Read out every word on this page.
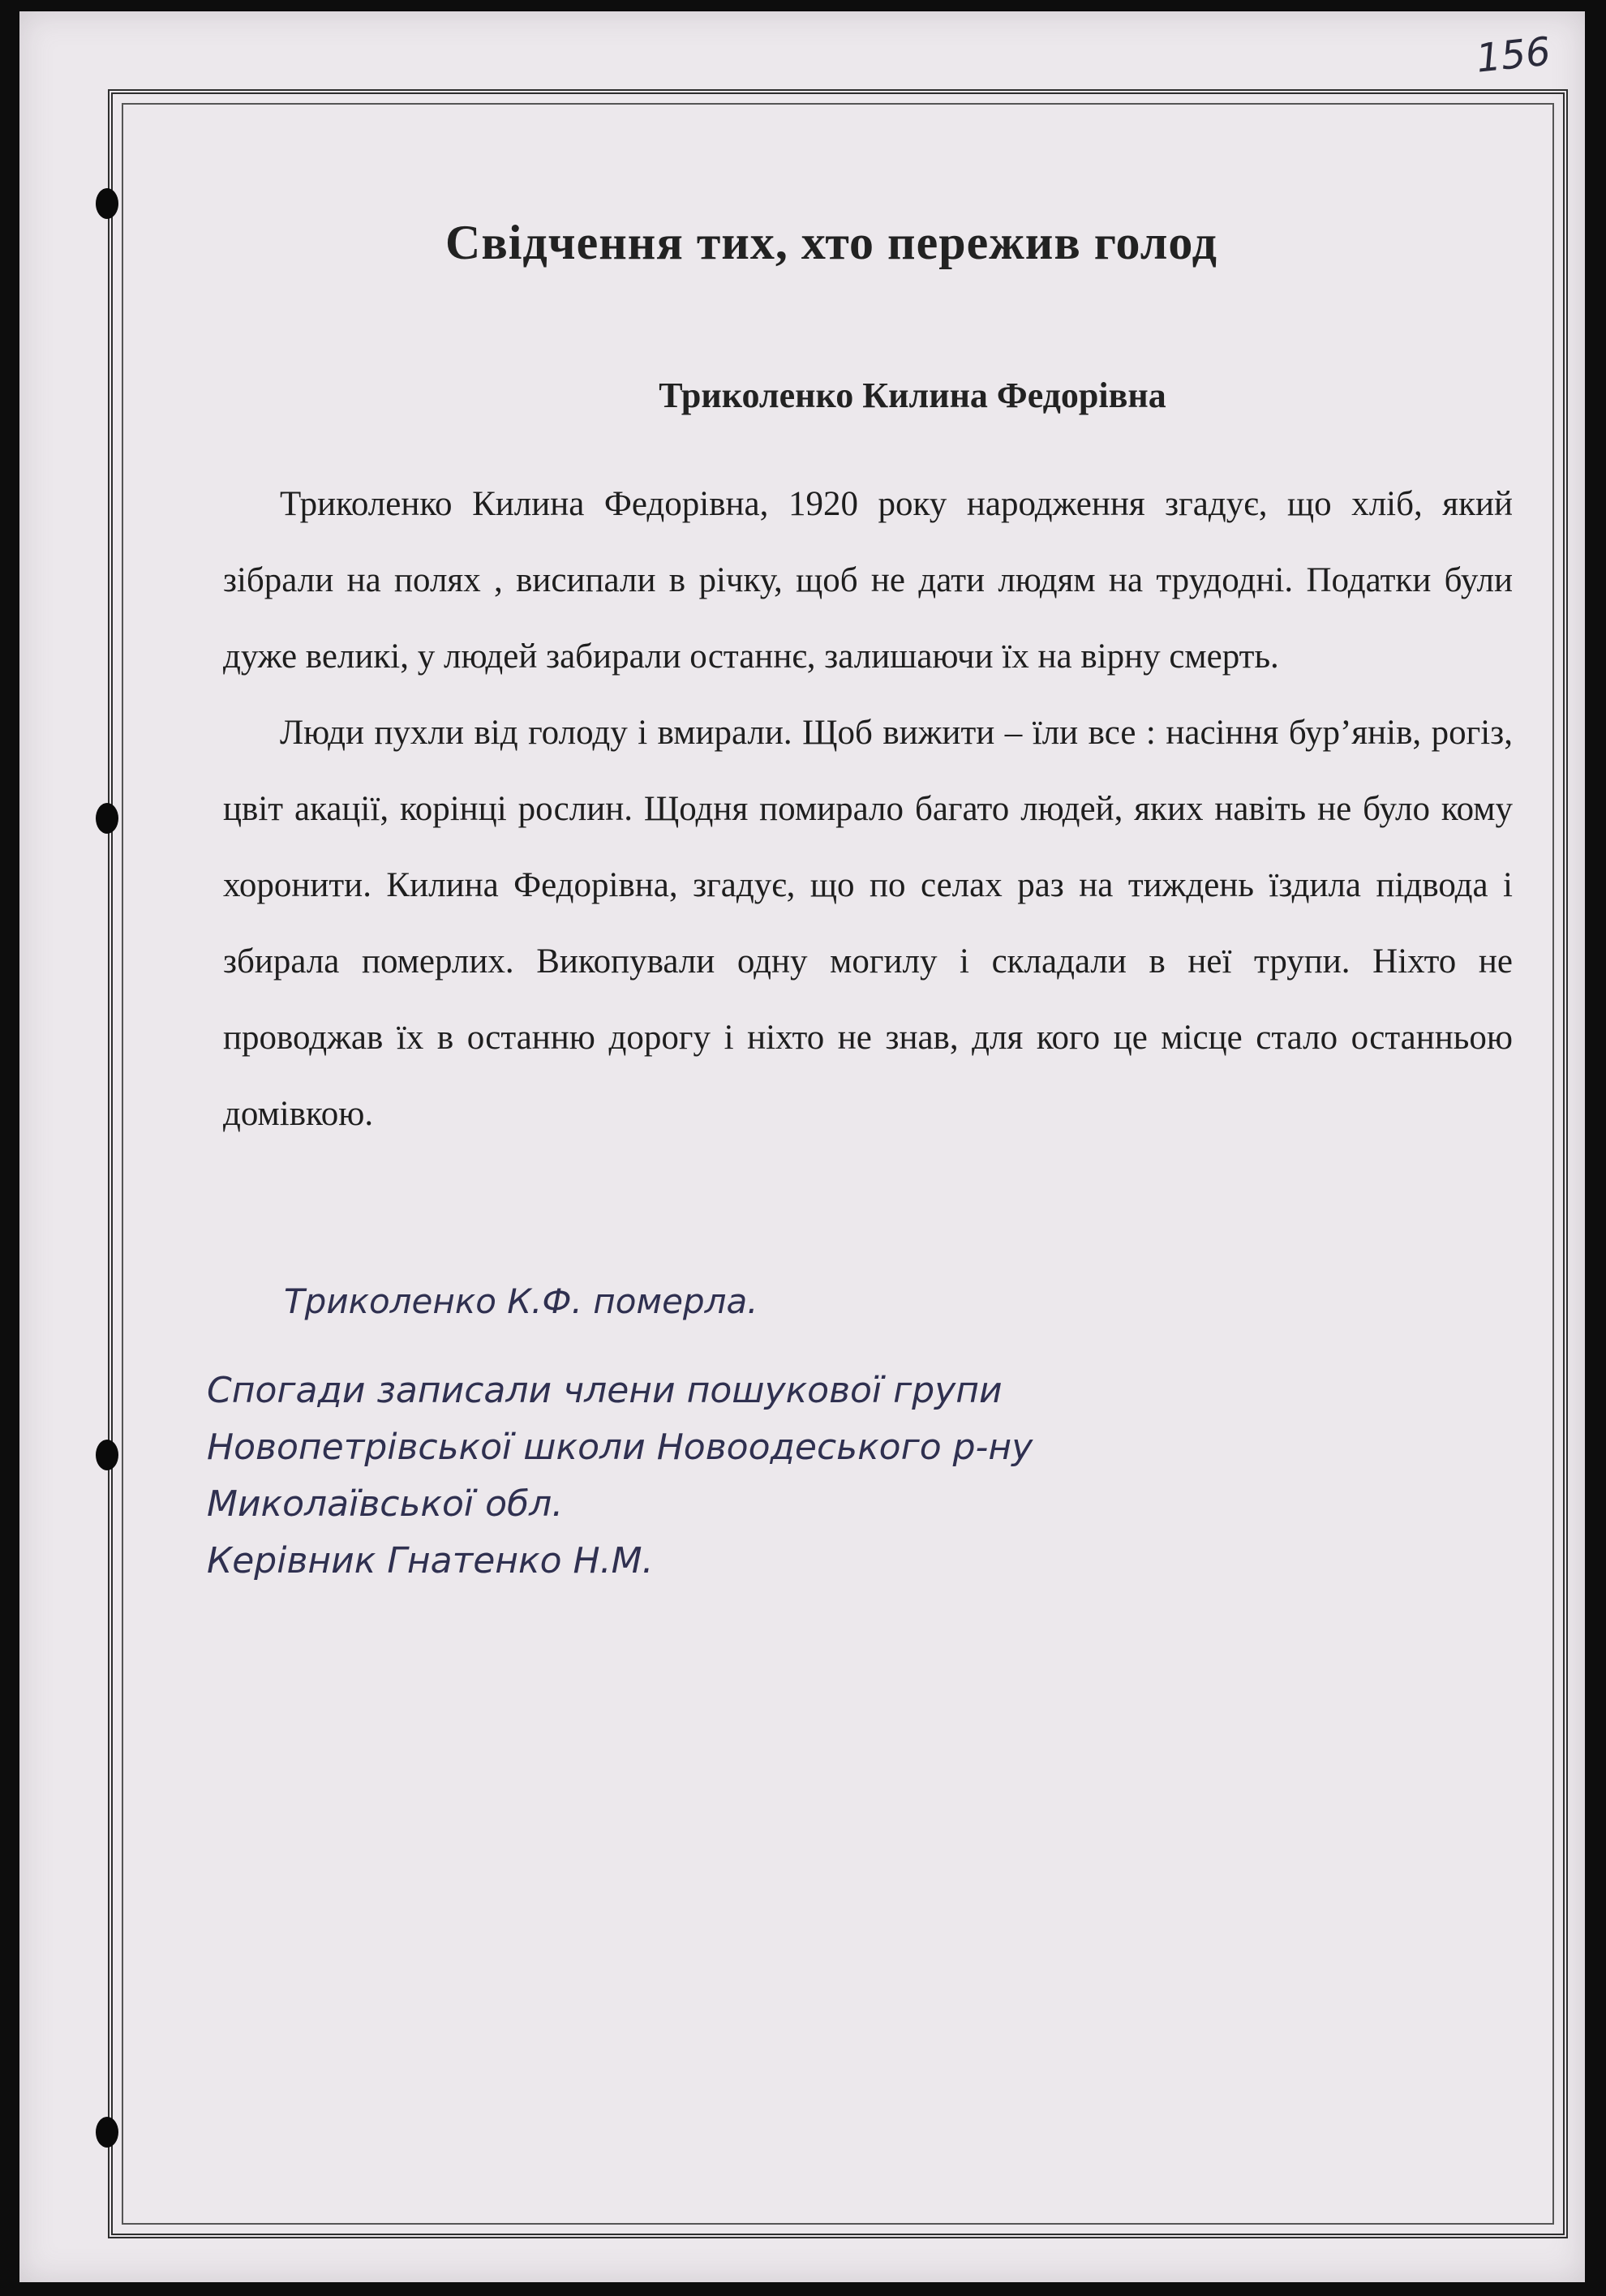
156
Свідчення тих, хто пережив голод
Триколенко Килина Федорівна

Триколенко Килина Федорівна, 1920 року народження згадує, що хліб, який зібрали на полях , висипали в річку, щоб не дати людям на трудодні. Податки були дуже великі, у людей забирали останнє, залишаючи їх на вірну смерть.

Люди пухли від голоду і вмирали. Щоб вижити – їли все : насіння бур’янів, рогіз, цвіт акації, корінці рослин. Щодня помирало багато людей, яких навіть не було кому хоронити. Килина Федорівна, згадує, що по селах раз на тиждень їздила підвода і збирала померлих. Викопували одну могилу і складали в неї трупи. Ніхто не проводжав їх в останню дорогу і ніхто не знав, для кого це місце стало останньою домівкою.

Триколенко К.Ф. померла.
Спогади записали члени пошукової групи
Новопетрівської школи Новоодеського р-ну
Миколаївської обл.
Керівник Гнатенко Н.М.
